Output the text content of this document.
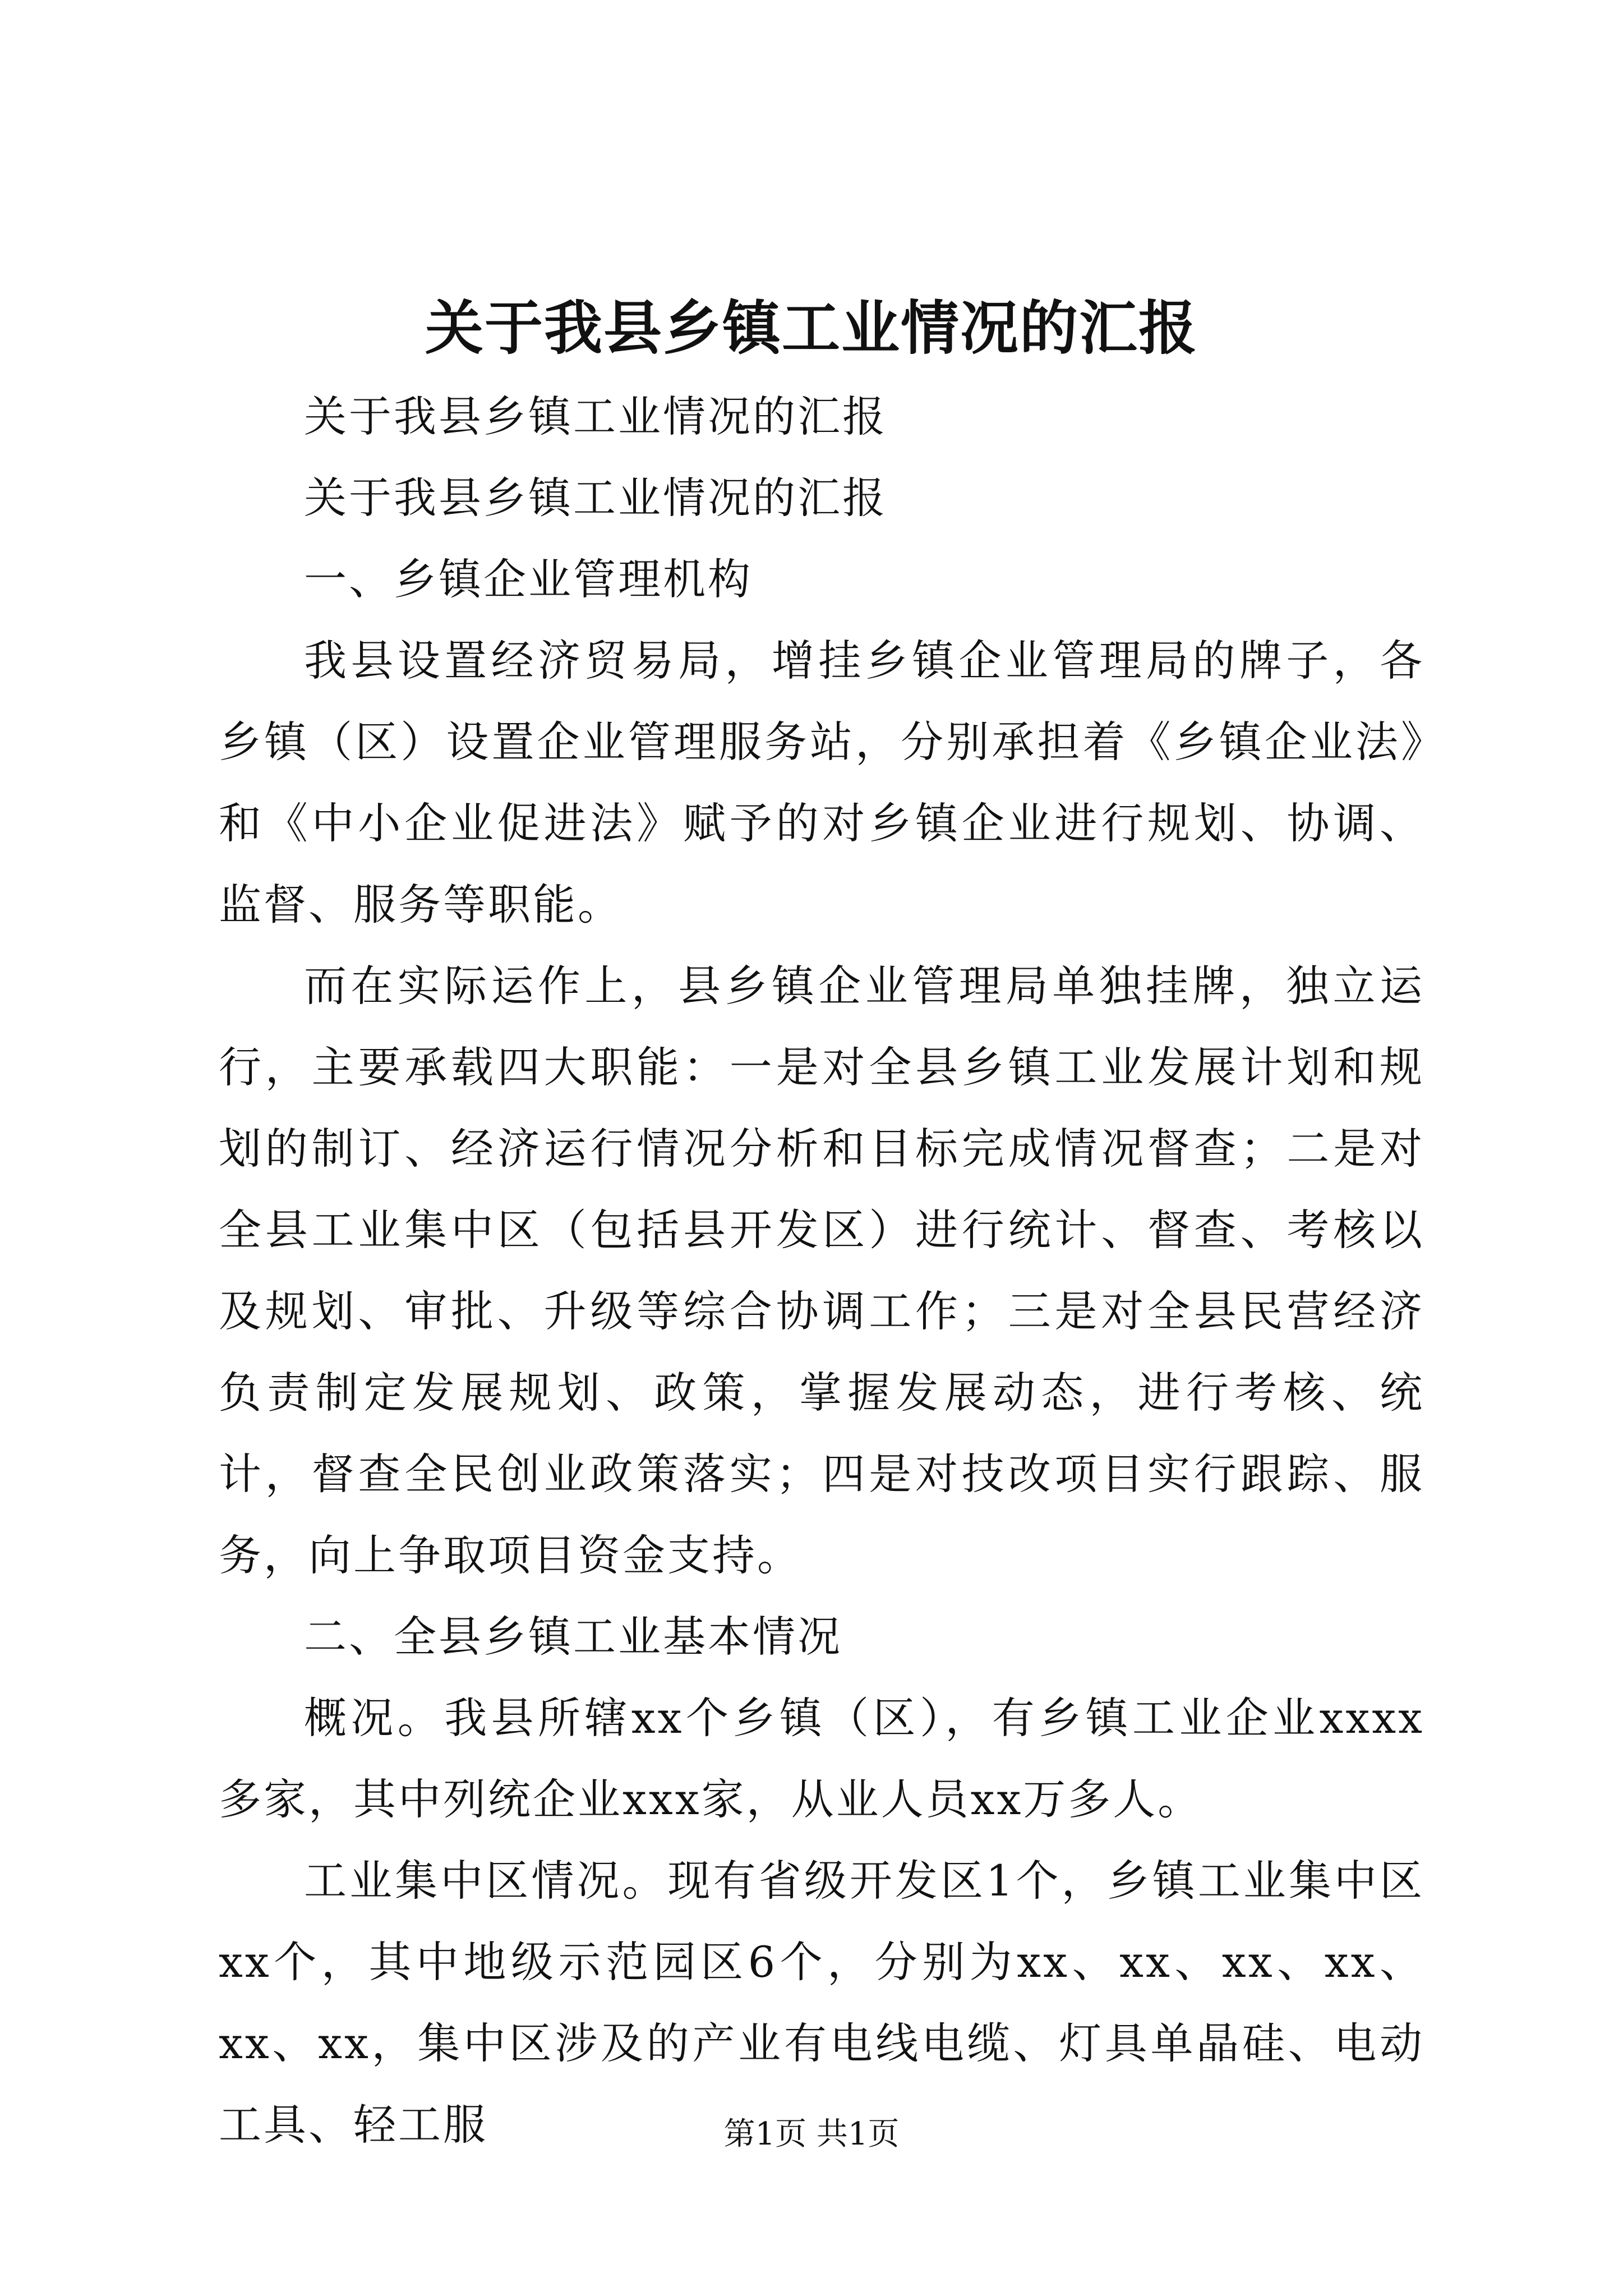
关于我县乡镇工业情况的汇报

关于我县乡镇工业情况的汇报

关于我县乡镇工业情况的汇报

一、乡镇企业管理机构

我县设置经济贸易局，增挂乡镇企业管理局的牌子，各乡镇（区）设置企业管理服务站，分别承担着《乡镇企业法》和《中小企业促进法》赋予的对乡镇企业进行规划、协调、监督、服务等职能。

而在实际运作上，县乡镇企业管理局单独挂牌，独立运行，主要承载四大职能：一是对全县乡镇工业发展计划和规划的制订、经济运行情况分析和目标完成情况督查；二是对全县工业集中区（包括县开发区）进行统计、督查、考核以及规划、审批、升级等综合协调工作；三是对全县民营经济负责制定发展规划、政策，掌握发展动态，进行考核、统计，督查全民创业政策落实；四是对技改项目实行跟踪、服务，向上争取项目资金支持。

二、全县乡镇工业基本情况

概况。我县所辖xx个乡镇（区），有乡镇工业企业xxxx多家，其中列统企业xxx家，从业人员xx万多人。

工业集中区情况。现有省级开发区1个，乡镇工业集中区xx个，其中地级示范园区6个，分别为xx、xx、xx、xx、xx、xx，集中区涉及的产业有电线电缆、灯具单晶硅、电动工具、轻工服	第1页 共1页
